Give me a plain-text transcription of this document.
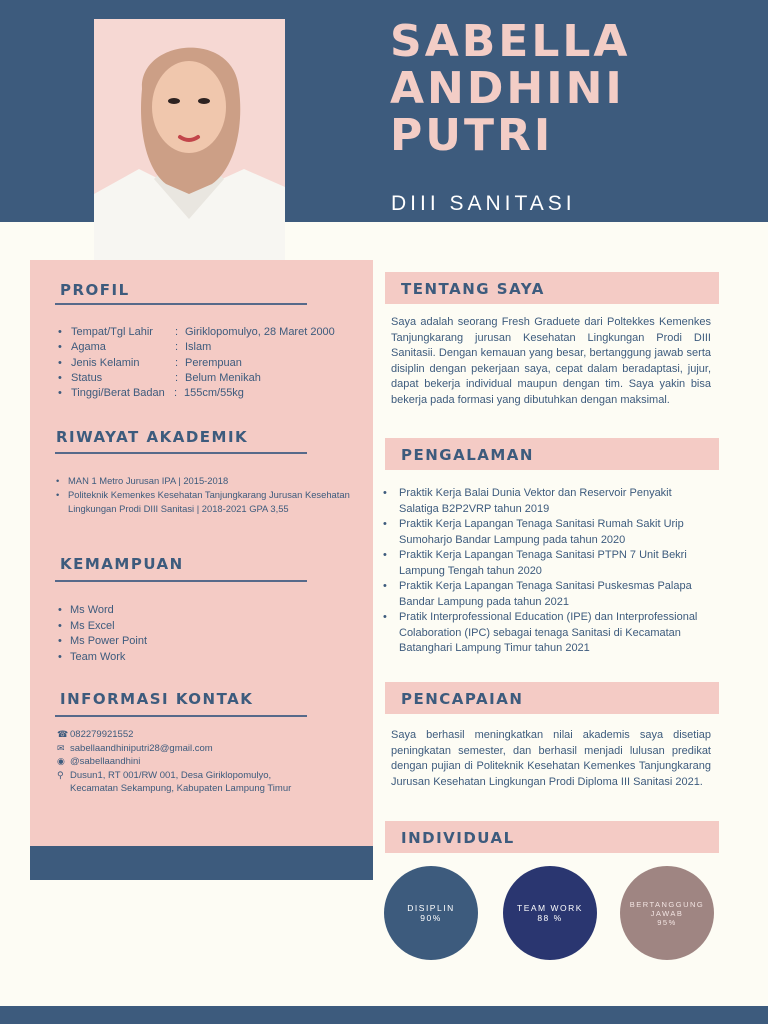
SABELLA
ANDHINI
PUTRI
DIII SANITASI
PROFIL
• Tempat/Tgl Lahir	: Giriklopomulyo, 28 Maret 2000
• Agama	: Islam
• Jenis Kelamin	: Perempuan
• Status	: Belum Menikah
• Tinggi/Berat Badan : 155cm/55kg
RIWAYAT AKADEMIK
• MAN 1 Metro Jurusan IPA | 2015-2018
• Politeknik Kemenkes Kesehatan Tanjungkarang Jurusan Kesehatan Lingkungan Prodi DIII Sanitasi | 2018-2021 GPA 3,55
KEMAMPUAN
• Ms Word
• Ms Excel
• Ms Power Point
• Team Work
INFORMASI KONTAK
☎ 082279921552
✉ sabellaandhiniputri28@gmail.com
◉ @sabellaandhini
⚲ Dusun1, RT 001/RW 001, Desa Giriklopomulyo, Kecamatan Sekampung, Kabupaten Lampung Timur
TENTANG SAYA
Saya adalah seorang Fresh Graduete dari Poltekkes Kemenkes Tanjungkarang jurusan Kesehatan Lingkungan Prodi DIII Sanitasii. Dengan kemauan yang besar, bertanggung jawab serta disiplin dengan pekerjaan saya, cepat dalam beradaptasi, jujur, dapat bekerja individual maupun dengan tim. Saya yakin bisa bekerja pada formasi yang dibutuhkan dengan maksimal.
PENGALAMAN
• Praktik Kerja Balai Dunia Vektor dan Reservoir Penyakit Salatiga B2P2VRP tahun 2019
• Praktik Kerja Lapangan Tenaga Sanitasi Rumah Sakit Urip Sumoharjo Bandar Lampung pada tahun 2020
• Praktik Kerja Lapangan Tenaga Sanitasi PTPN 7 Unit Bekri Lampung Tengah tahun 2020
• Praktik Kerja Lapangan Tenaga Sanitasi Puskesmas Palapa Bandar Lampung pada tahun 2021
• Pratik Interprofessional Education (IPE) dan Interprofessional Colaboration (IPC) sebagai tenaga Sanitasi di Kecamatan Batanghari Lampung Timur tahun 2021
PENCAPAIAN
Saya berhasil meningkatkan nilai akademis saya disetiap peningkatan semester, dan berhasil menjadi lulusan predikat dengan pujian di Politeknik Kesehatan Kemenkes Tanjungkarang Jurusan Kesehatan Lingkungan Prodi Diploma III Sanitasi 2021.
INDIVIDUAL
DISIPLIN
90%
TEAM WORK
88 %
BERTANGGUNG
JAWAB
95%
